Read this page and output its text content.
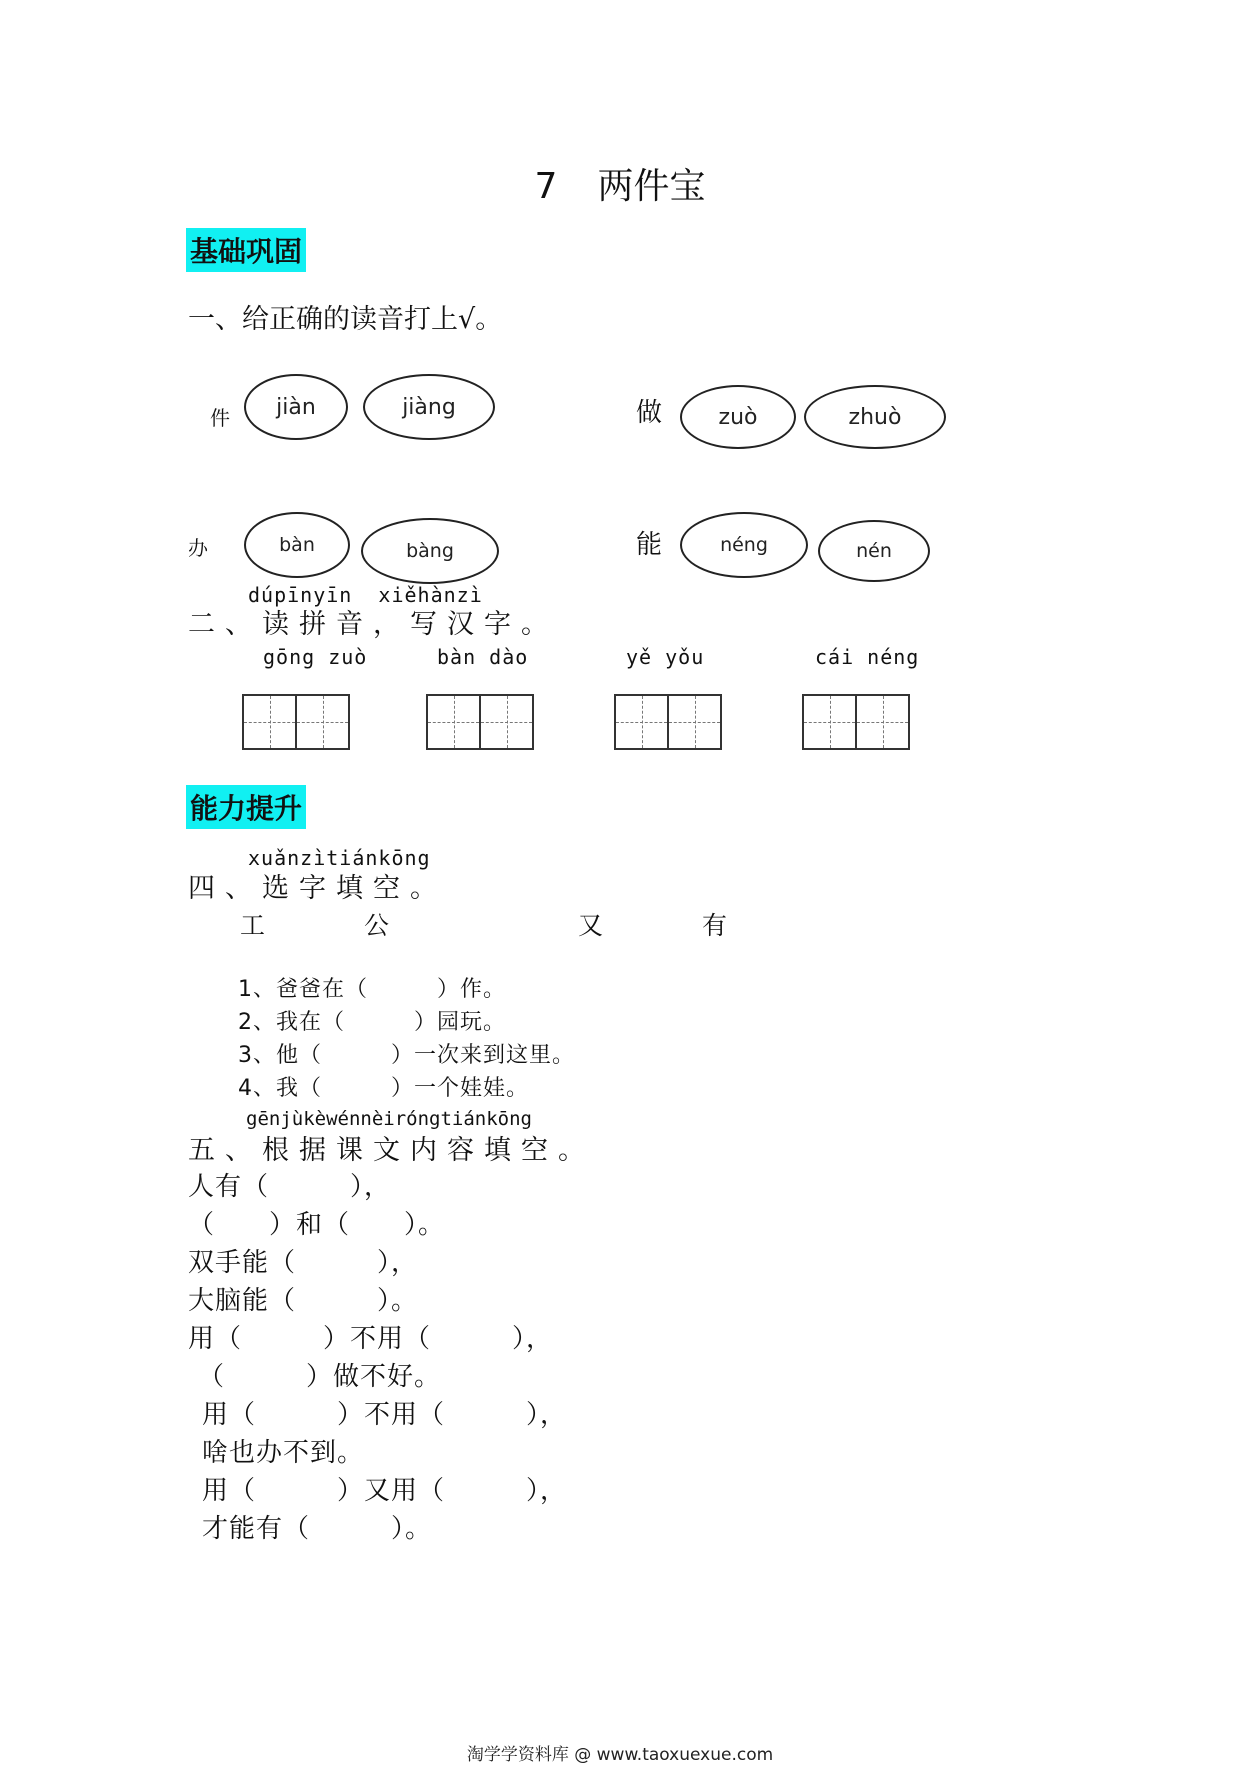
7 两件宝
基础巩固
一、给正确的读音打上√。
件	jiàn	jiàng	做	zuò	zhuò
办	bàn	bàng	能	néng	nén
dúpīnyīn  xiěhànzì
二、读拼音，写汉字。
gōng zuò	bàn dào	yě yǒu	cái néng
能力提升
xuǎnzìtiánkōng
四、选字填空。
工	公	又	有
1、爸爸在（　　　）作。
2、我在（　　　）园玩。
3、他（　　　）一次来到这里。
4、我（　　　）一个娃娃。
gēnjùkèwénnèiróngtiánkōng
五、根据课文内容填空。
人有（　　　），
（　　）和（　　）。
双手能（　　　），
大脑能（　　　）。
用（　　　）不用（　　　），
（　　　）做不好。
用（　　　）不用（　　　），
啥也办不到。
用（　　　）又用（　　　），
才能有（　　　）。
淘学学资料库 @ www.taoxuexue.com
